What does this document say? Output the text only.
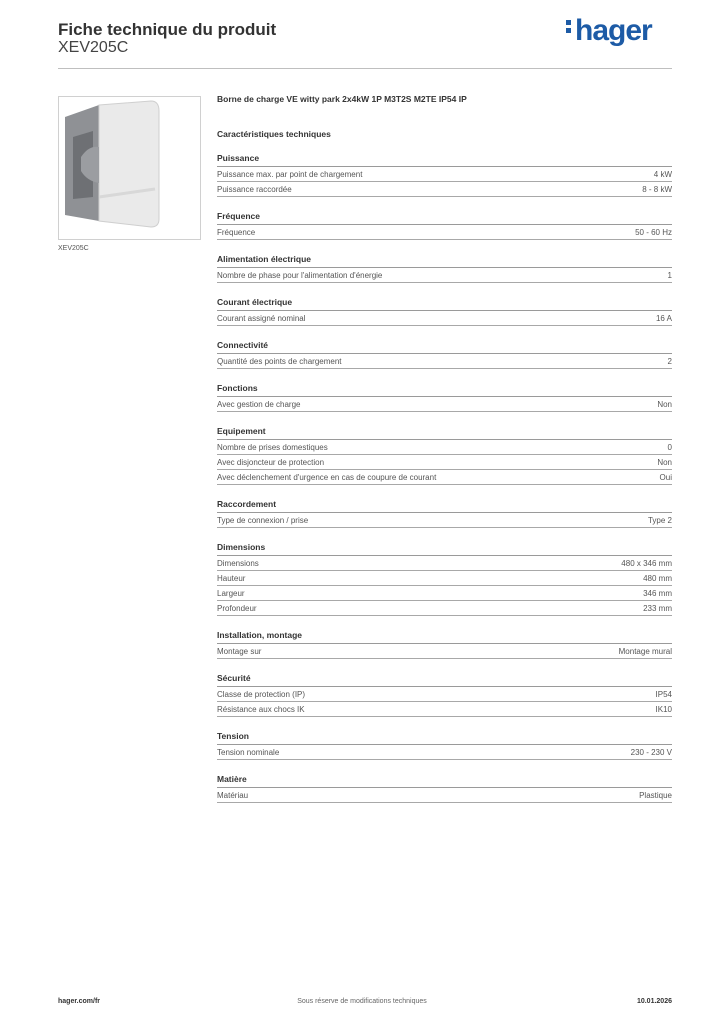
Fiche technique du produit
XEV205C
hager
XEV205C
Borne de charge VE witty park 2x4kW 1P M3T2S M2TE IP54 IP
Caractéristiques techniques
Puissance
Puissance max. par point de chargement	4 kW
Puissance raccordée	8 - 8 kW
Fréquence
Fréquence	50 - 60 Hz
Alimentation électrique
Nombre de phase pour l'alimentation d'énergie	1
Courant électrique
Courant assigné nominal	16 A
Connectivité
Quantité des points de chargement	2
Fonctions
Avec gestion de charge	Non
Equipement
Nombre de prises domestiques	0
Avec disjoncteur de protection	Non
Avec déclenchement d'urgence en cas de coupure de courant	Oui
Raccordement
Type de connexion / prise	Type 2
Dimensions
Dimensions	480 x 346 mm
Hauteur	480 mm
Largeur	346 mm
Profondeur	233 mm
Installation, montage
Montage sur	Montage mural
Sécurité
Classe de protection (IP)	IP54
Résistance aux chocs IK	IK10
Tension
Tension nominale	230 - 230 V
Matière
Matériau	Plastique
hager.com/fr	Sous réserve de modifications techniques	10.01.2026
